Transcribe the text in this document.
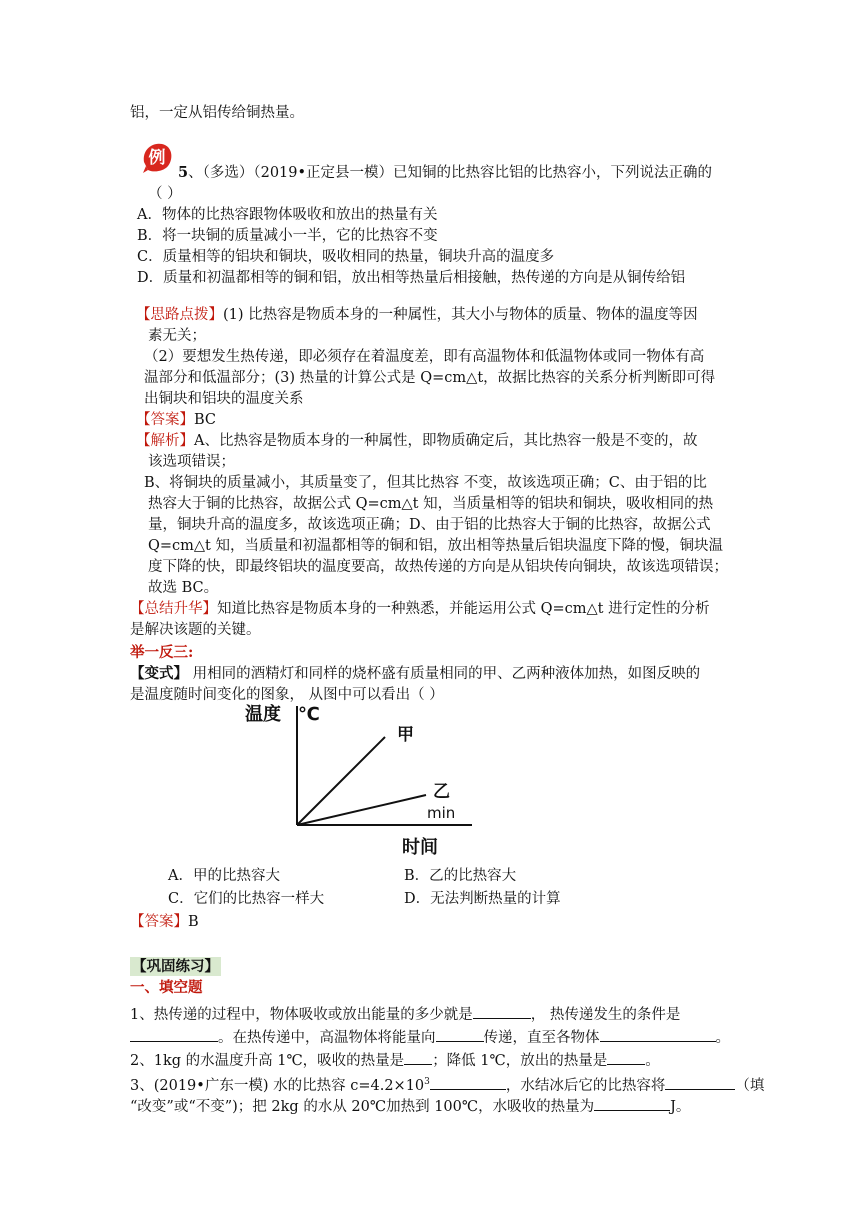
铝，一定从铝传给铜热量。
例
5、（多选）（2019•正定县一模）已知铜的比热容比铝的比热容小，下列说法正确的
（ ）
A．物体的比热容跟物体吸收和放出的热量有关
B．将一块铜的质量减小一半，它的比热容不变
C．质量相等的铝块和铜块，吸收相同的热量，铜块升高的温度多
D．质量和初温都相等的铜和铝，放出相等热量后相接触，热传递的方向是从铜传给铝
【思路点拨】(1) 比热容是物质本身的一种属性，其大小与物体的质量、物体的温度等因
素无关；
（2）要想发生热传递，即必须存在着温度差，即有高温物体和低温物体或同一物体有高
温部分和低温部分；(3) 热量的计算公式是 Q=cm△t，故据比热容的关系分析判断即可得
出铜块和铝块的温度关系
【答案】BC
【解析】A、比热容是物质本身的一种属性，即物质确定后，其比热容一般是不变的，故
该选项错误；
B、将铜块的质量减小，其质量变了，但其比热容 不变，故该选项正确；C、由于铝的比
热容大于铜的比热容，故据公式 Q=cm△t 知，当质量相等的铝块和铜块，吸收相同的热
量，铜块升高的温度多，故该选项正确；D、由于铝的比热容大于铜的比热容，故据公式
Q=cm△t 知，当质量和初温都相等的铜和铝，放出相等热量后铝块温度下降的慢，铜块温
度下降的快，即最终铝块的温度要高，故热传递的方向是从铝块传向铜块，故该选项错误；
故选 BC。
【总结升华】知道比热容是物质本身的一种熟悉，并能运用公式 Q=cm△t 进行定性的分析
是解决该题的关键。
举一反三:
【变式】 用相同的酒精灯和同样的烧杯盛有质量相同的甲、乙两种液体加热，如图反映的
是温度随时间变化的图象， 从图中可以看出（ ）
温度 ℃
甲
乙
min
时间
A．甲的比热容大	B．乙的比热容大
C．它们的比热容一样大	D．无法判断热量的计算
【答案】B
【巩固练习】
一、填空题
1、热传递的过程中，物体吸收或放出能量的多少就是	， 热传递发生的条件是
。在热传递中，高温物体将能量向	传递，直至各物体	。
2、1kg 的水温度升高 1℃，吸收的热量是 ；降低 1℃，放出的热量是	。
3、(2019•广东一模) 水的比热容 $c=4.2\times 10^3$	，水结冰后它的比热容将	（填
“改变”或“不变”)；把 2kg 的水从 20℃加热到 100℃，水吸收的热量为	J。
